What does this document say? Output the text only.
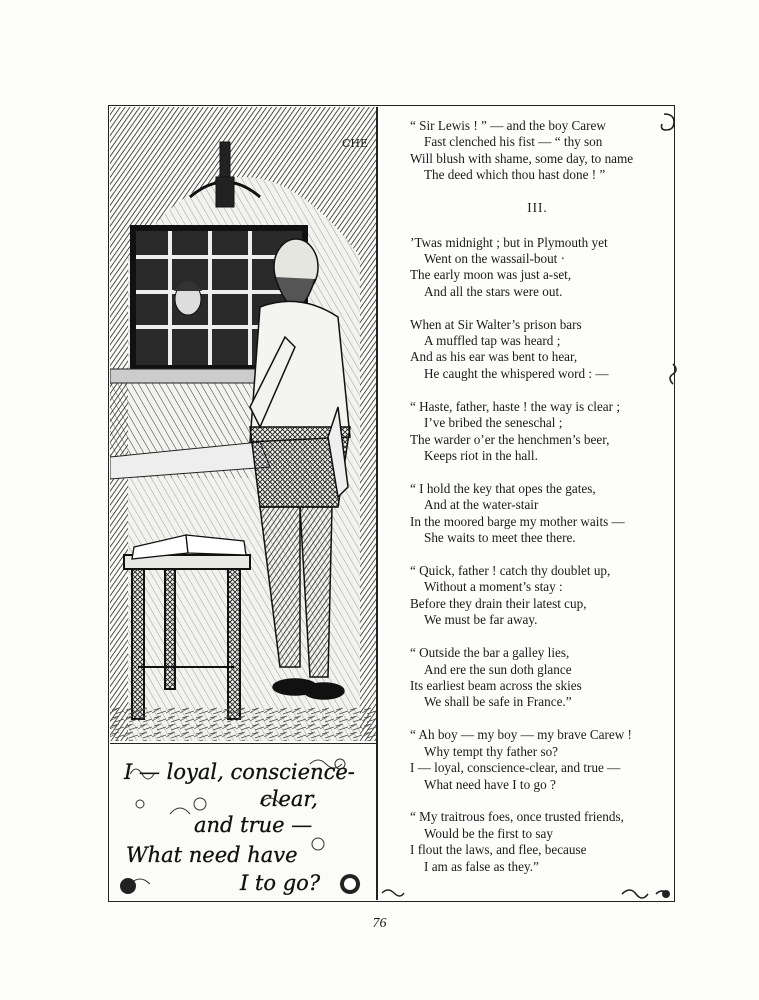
CHE
I — loyal, conscience-
clear,
and true —
What need have
I to go?
“ Sir Lewis ! ” — and the boy Carew
Fast clenched his fist — “ thy son
Will blush with shame, some day, to name
The deed which thou hast done ! ”
III.
’Twas midnight ; but in Plymouth yet
Went on the wassail-bout ·
The early moon was just a-set,
And all the stars were out.
When at Sir Walter’s prison bars
A muffled tap was heard ;
And as his ear was bent to hear,
He caught the whispered word : —
“ Haste, father, haste ! the way is clear ;
I’ve bribed the seneschal ;
The warder o’er the henchmen’s beer,
Keeps riot in the hall.
“ I hold the key that opes the gates,
And at the water-stair
In the moored barge my mother waits —
She waits to meet thee there.
“ Quick, father ! catch thy doublet up,
Without a moment’s stay :
Before they drain their latest cup,
We must be far away.
“ Outside the bar a galley lies,
And ere the sun doth glance
Its earliest beam across the skies
We shall be safe in France.”
“ Ah boy — my boy — my brave Carew !
Why tempt thy father so?
I — loyal, conscience-clear, and true —
What need have I to go ?
“ My traitrous foes, once trusted friends,
Would be the first to say
I flout the laws, and flee, because
I am as false as they.”
76
